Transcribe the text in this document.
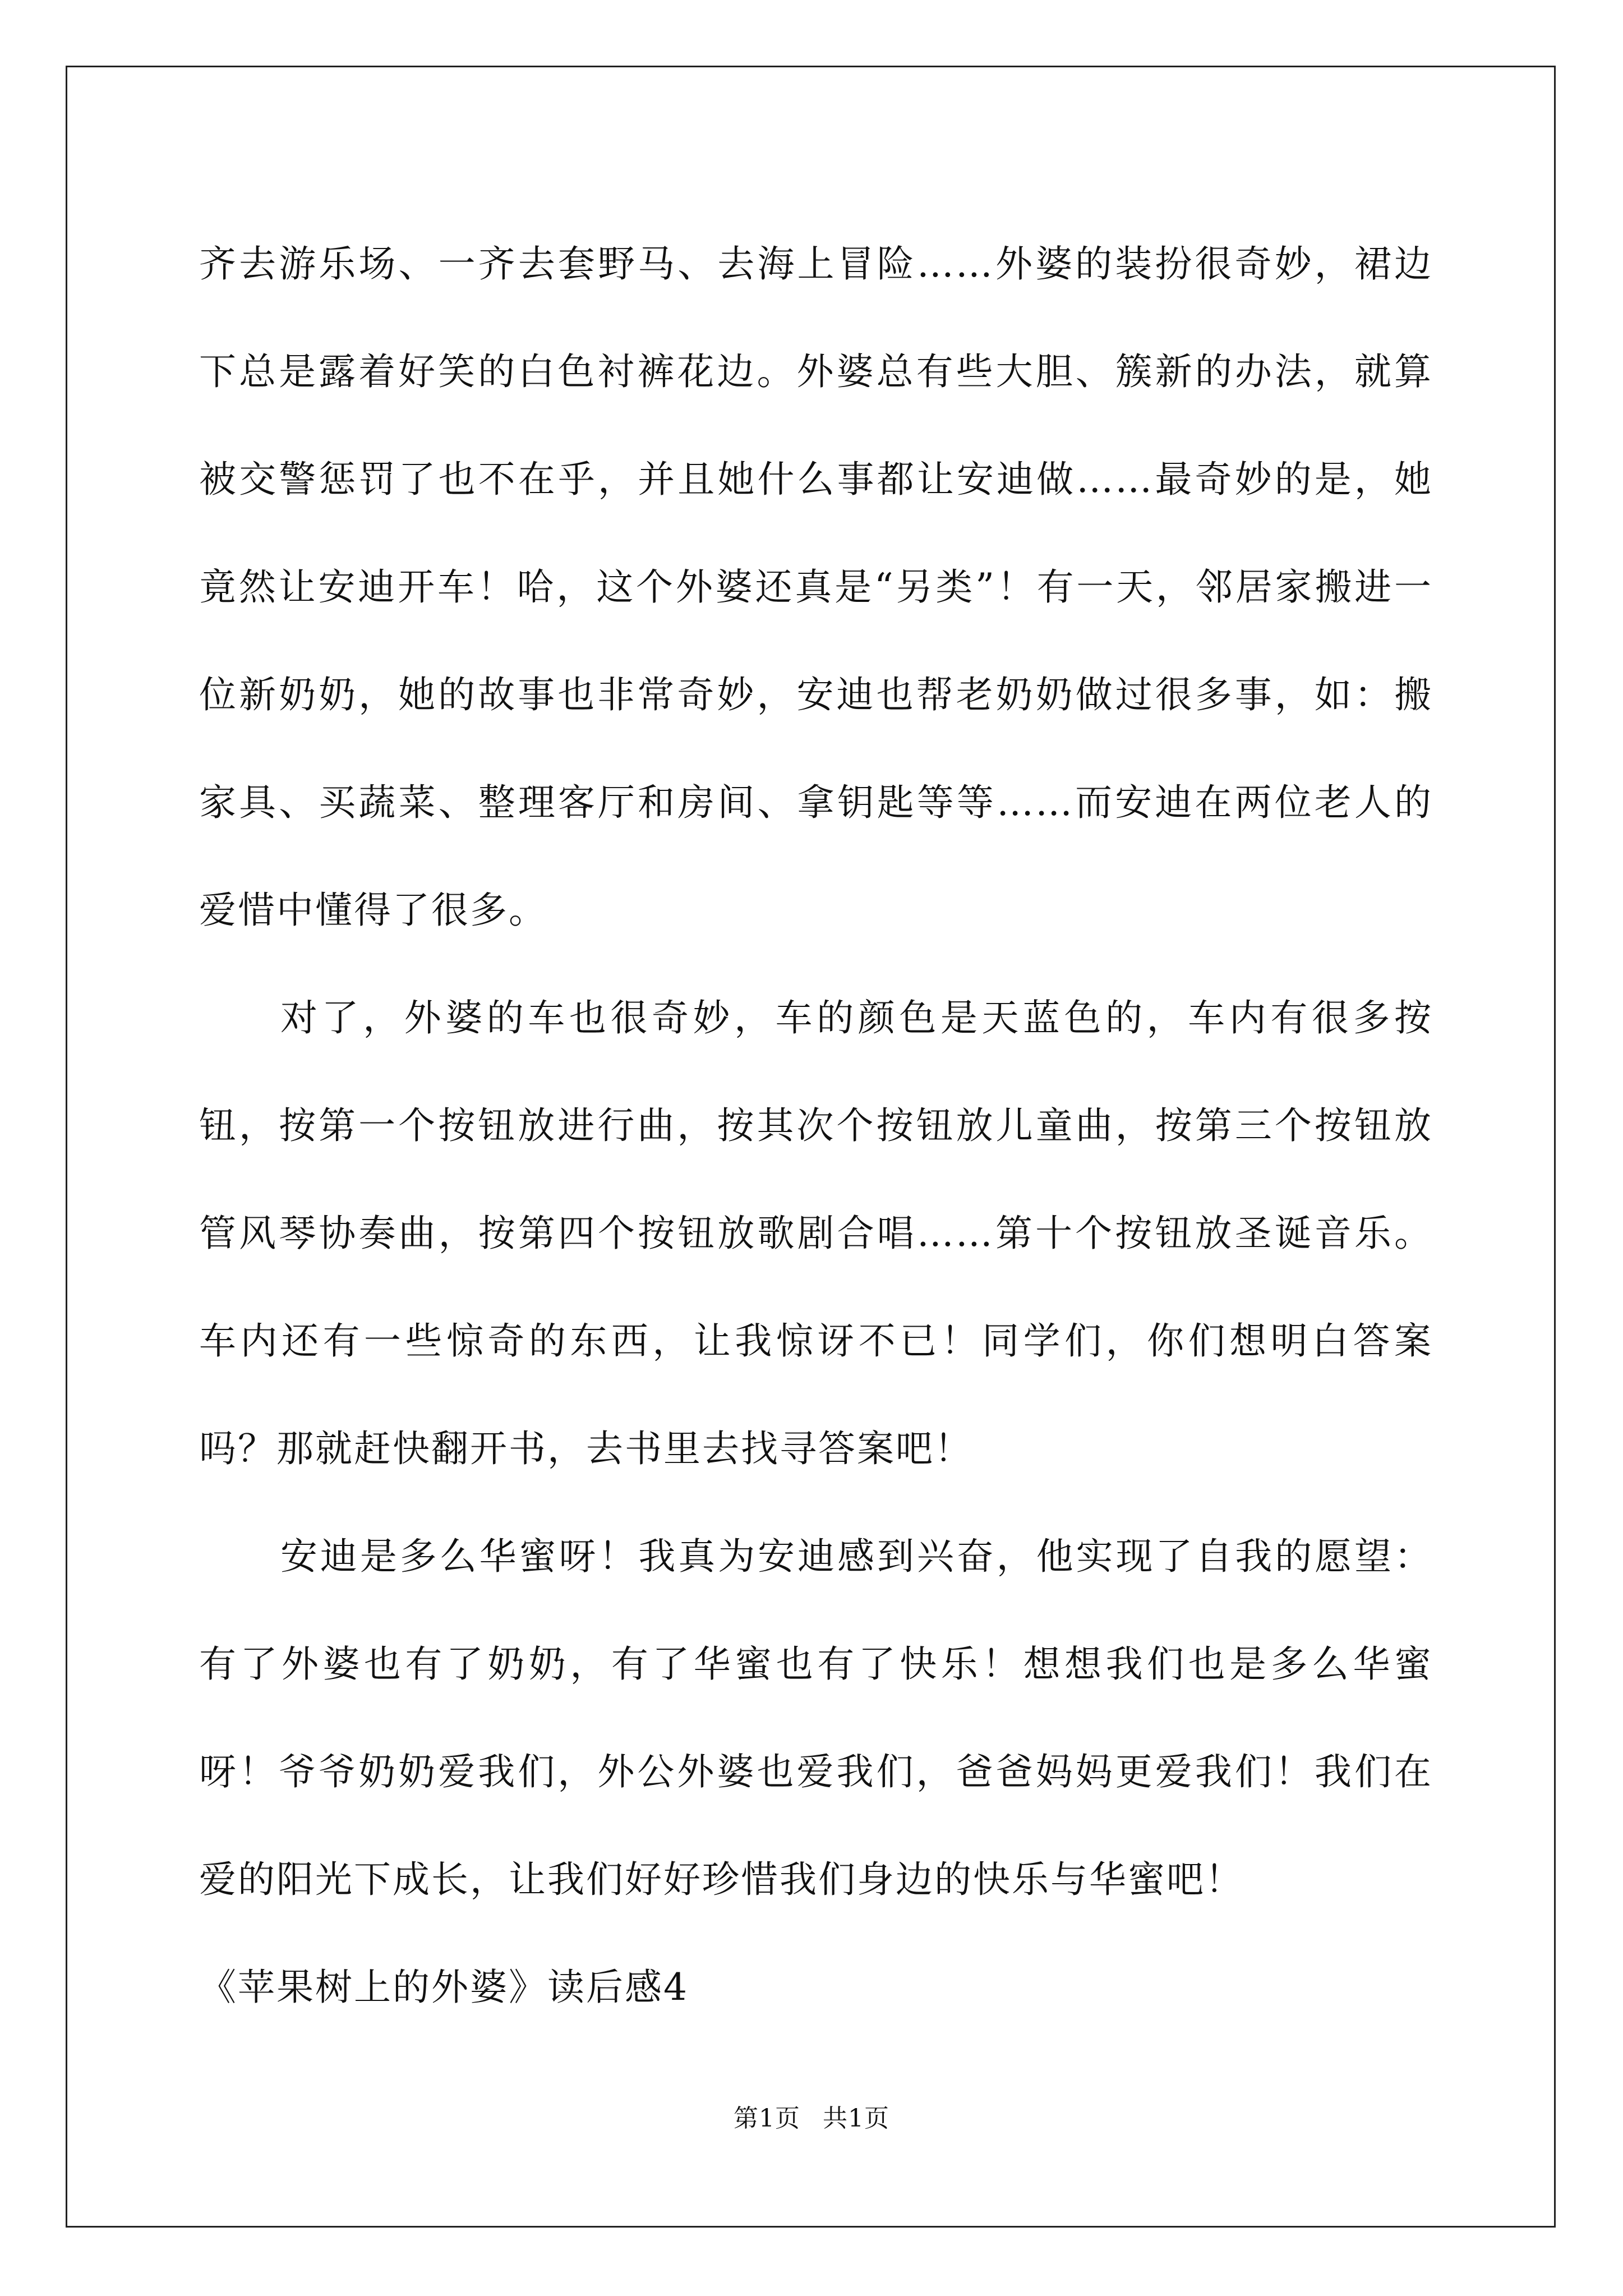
齐去游乐场、一齐去套野马、去海上冒险……外婆的装扮很奇妙，裙边下总是露着好笑的白色衬裤花边。外婆总有些大胆、簇新的办法，就算被交警惩罚了也不在乎，并且她什么事都让安迪做……最奇妙的是，她竟然让安迪开车！哈，这个外婆还真是“另类”！有一天，邻居家搬进一位新奶奶，她的故事也非常奇妙，安迪也帮老奶奶做过很多事，如：搬家具、买蔬菜、整理客厅和房间、拿钥匙等等……而安迪在两位老人的爱惜中懂得了很多。

对了，外婆的车也很奇妙，车的颜色是天蓝色的，车内有很多按钮，按第一个按钮放进行曲，按其次个按钮放儿童曲，按第三个按钮放管风琴协奏曲，按第四个按钮放歌剧合唱……第十个按钮放圣诞音乐。车内还有一些惊奇的东西，让我惊讶不已！同学们，你们想明白答案吗？那就赶快翻开书，去书里去找寻答案吧！

安迪是多么华蜜呀！我真为安迪感到兴奋，他实现了自我的愿望：有了外婆也有了奶奶，有了华蜜也有了快乐！想想我们也是多么华蜜呀！爷爷奶奶爱我们，外公外婆也爱我们，爸爸妈妈更爱我们！我们在爱的阳光下成长，让我们好好珍惜我们身边的快乐与华蜜吧！

《苹果树上的外婆》读后感4

第1页 共1页
